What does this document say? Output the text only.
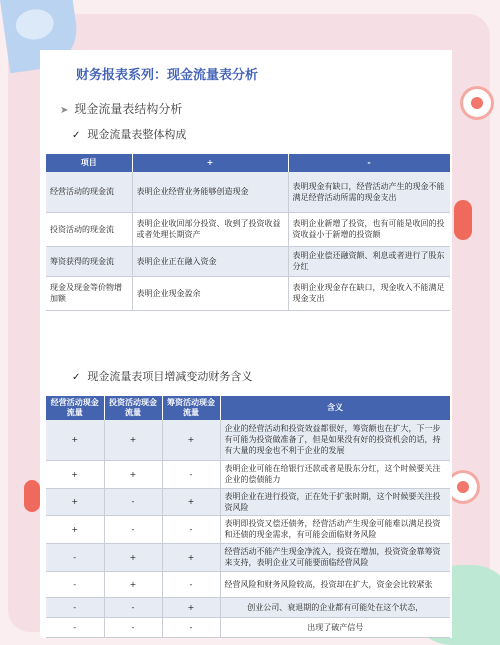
财务报表系列：现金流量表分析
➤ 现金流量表结构分析
✓ 现金流量表整体构成
项目	+	-
经营活动的现金流	表明企业经营业务能够创造现金	表明现金有缺口，经营活动产生的现金不能满足经营活动所需的现金支出
投资活动的现金流	表明企业收回部分投资、收到了投资收益或者处理长期资产	表明企业新增了投资，也有可能是收回的投资收益小于新增的投资额
筹资获得的现金流	表明企业正在融入资金	表明企业偿还融资额、利息或者进行了股东分红
现金及现金等价物增加额	表明企业现金盈余	表明企业现金存在缺口，现金收入不能满足现金支出
✓ 现金流量表项目增减变动财务含义
经营活动现金流量	投资活动现金流量	筹资活动现金流量	含义
+	+	+	企业的经营活动和投资效益都很好，筹资额也在扩大，下一步有可能为投资做准备了，但是如果没有好的投资机会的话，持有大量的现金也不利于企业的发展
+	+	-	表明企业可能在给银行还款或者是股东分红，这个时候要关注企业的偿债能力
+	-	+	表明企业在进行投资，正在处于扩张时期，这个时候要关注投资风险
+	-	-	表明即投资又偿还债务，经营活动产生现金可能难以满足投资和还债的现金需求，有可能会面临财务风险
-	+	+	经营活动不能产生现金净流入，投资在增加，投资资金靠筹资来支持，表明企业又可能要面临经营风险
-	+	-	经营风险和财务风险较高，投资却在扩大，资金会比较紧张
-	-	+	创业公司、衰退期的企业都有可能处在这个状态，
-	-	-	出现了破产信号
